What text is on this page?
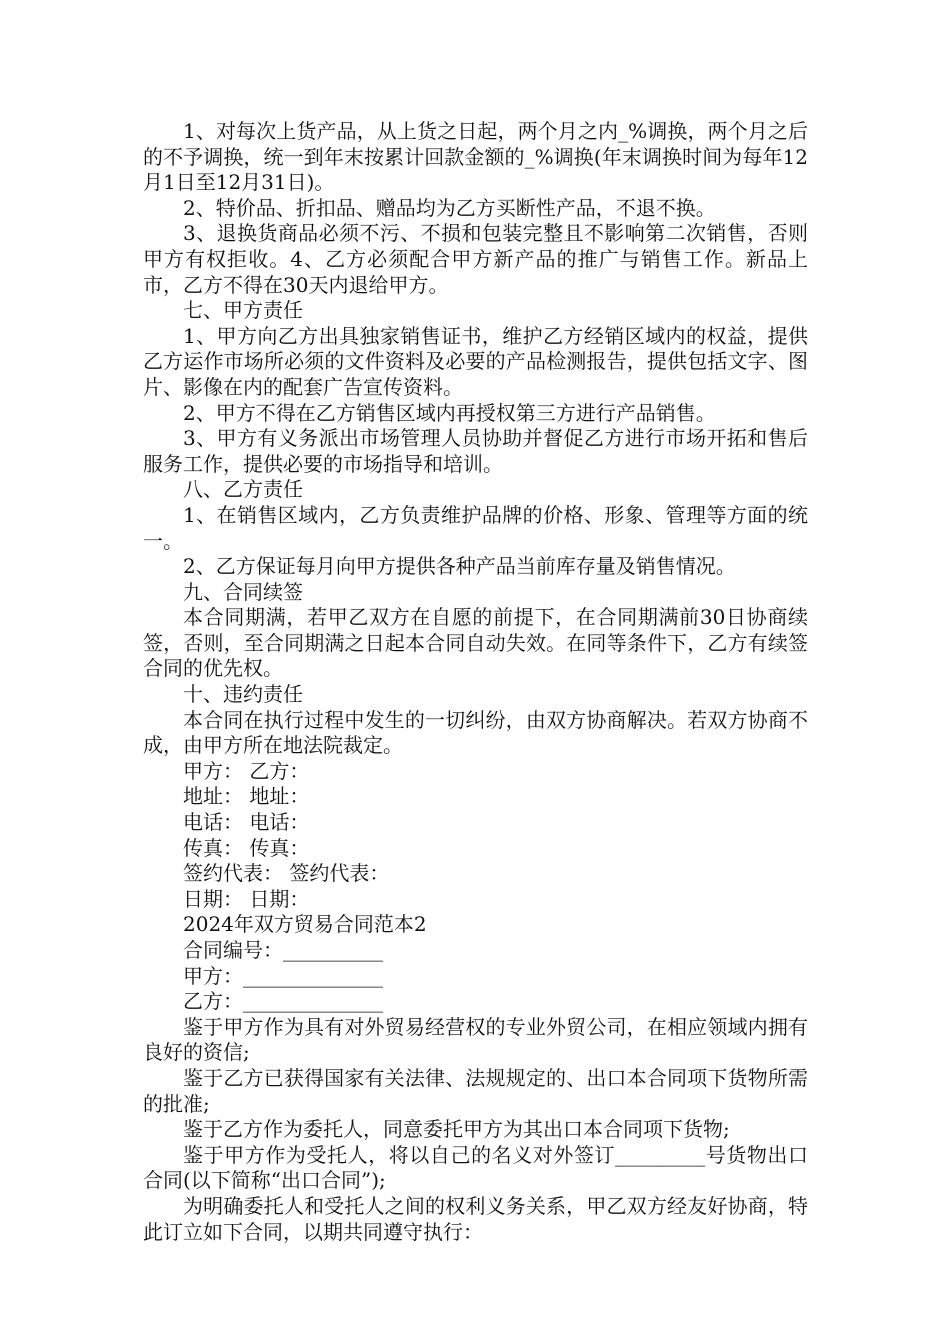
1、对每次上货产品，从上货之日起，两个月之内_%调换，两个月之后的不予调换，统一到年末按累计回款金额的_%调换(年末调换时间为每年12月1日至12月31日)。

2、特价品、折扣品、赠品均为乙方买断性产品，不退不换。

3、退换货商品必须不污、不损和包装完整且不影响第二次销售，否则甲方有权拒收。4、乙方必须配合甲方新产品的推广与销售工作。新品上市，乙方不得在30天内退给甲方。

七、甲方责任

1、甲方向乙方出具独家销售证书，维护乙方经销区域内的权益，提供乙方运作市场所必须的文件资料及必要的产品检测报告，提供包括文字、图片、影像在内的配套广告宣传资料。

2、甲方不得在乙方销售区域内再授权第三方进行产品销售。

3、甲方有义务派出市场管理人员协助并督促乙方进行市场开拓和售后服务工作，提供必要的市场指导和培训。

八、乙方责任

1、在销售区域内，乙方负责维护品牌的价格、形象、管理等方面的统一。

2、乙方保证每月向甲方提供各种产品当前库存量及销售情况。

九、合同续签

本合同期满，若甲乙双方在自愿的前提下，在合同期满前30日协商续签，否则，至合同期满之日起本合同自动失效。在同等条件下，乙方有续签合同的优先权。

十、违约责任

本合同在执行过程中发生的一切纠纷，由双方协商解决。若双方协商不成，由甲方所在地法院裁定。

甲方： 乙方：

地址： 地址：

电话： 电话：

传真： 传真：

签约代表： 签约代表：

日期： 日期：

2024年双方贸易合同范本2

合同编号：__________

甲方：______________

乙方：______________

鉴于甲方作为具有对外贸易经营权的专业外贸公司，在相应领域内拥有良好的资信;

鉴于乙方已获得国家有关法律、法规规定的、出口本合同项下货物所需的批准;

鉴于乙方作为委托人，同意委托甲方为其出口本合同项下货物;

鉴于甲方作为受托人，将以自己的名义对外签订_________号货物出口合同(以下简称“出口合同”);

为明确委托人和受托人之间的权利义务关系，甲乙双方经友好协商，特此订立如下合同，以期共同遵守执行：
